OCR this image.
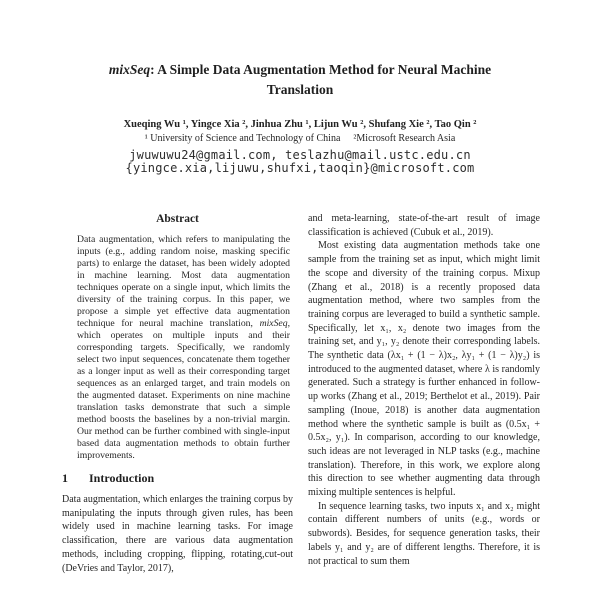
mixSeq: A Simple Data Augmentation Method for Neural Machine Translation
Xueqing Wu ¹, Yingce Xia ², Jinhua Zhu ¹, Lijun Wu ², Shufang Xie ², Tao Qin ²
¹ University of Science and Technology of China ²Microsoft Research Asia
jwuwuwu24@gmail.com, teslazhu@mail.ustc.edu.cn
{yingce.xia,lijuwu,shufxi,taoqin}@microsoft.com
Abstract

Data augmentation, which refers to manipulating the inputs (e.g., adding random noise, masking specific parts) to enlarge the dataset, has been widely adopted in machine learning. Most data augmentation techniques operate on a single input, which limits the diversity of the training corpus. In this paper, we propose a simple yet effective data augmentation technique for neural machine translation, mixSeq, which operates on multiple inputs and their corresponding targets. Specifically, we randomly select two input sequences, concatenate them together as a longer input as well as their corresponding target sequences as an enlarged target, and train models on the augmented dataset. Experiments on nine machine translation tasks demonstrate that such a simple method boosts the baselines by a non-trivial margin. Our method can be further combined with single-input based data augmentation methods to obtain further improvements.

1 Introduction

Data augmentation, which enlarges the training corpus by manipulating the inputs through given rules, has been widely used in machine learning tasks. For image classification, there are various data augmentation methods, including cropping, flipping, rotating,cut-out (DeVries and Taylor, 2017),

and meta-learning, state-of-the-art result of image classification is achieved (Cubuk et al., 2019).

Most existing data augmentation methods take one sample from the training set as input, which might limit the scope and diversity of the training corpus. Mixup (Zhang et al., 2018) is a recently proposed data augmentation method, where two samples from the training corpus are leveraged to build a synthetic sample. Specifically, let x₁, x₂ denote two images from the training set, and y₁, y₂ denote their corresponding labels. The synthetic data (λx₁ + (1 − λ)x₂, λy₁ + (1 − λ)y₂) is introduced to the augmented dataset, where λ is randomly generated. Such a strategy is further enhanced in follow-up works (Zhang et al., 2019; Berthelot et al., 2019). Pair sampling (Inoue, 2018) is another data augmentation method where the synthetic sample is built as (0.5x₁ + 0.5x₂, y₁). In comparison, according to our knowledge, such ideas are not leveraged in NLP tasks (e.g., machine translation). Therefore, in this work, we explore along this direction to see whether augmenting data through mixing multiple sentences is helpful.

In sequence learning tasks, two inputs x₁ and x₂ might contain different numbers of units (e.g., words or subwords). Besides, for sequence generation tasks, their labels y₁ and y₂ are of different lengths. Therefore, it is not practical to sum them
